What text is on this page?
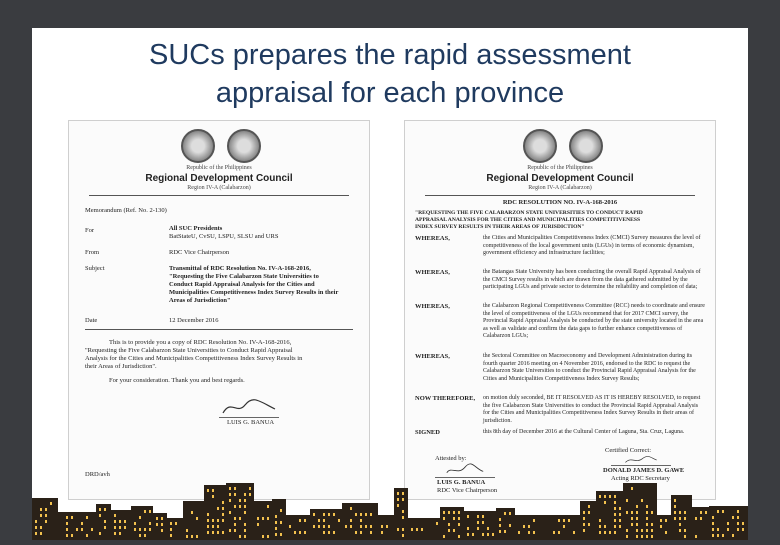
SUCs prepares the rapid assessment
appraisal for each province
Republic of the Philippines
Regional Development Council
Region IV-A (Calabarzon)
Memorandum (Ref. No. 2-130)
For	All SUC Presidents
BatStateU, CvSU, LSPU, SLSU and URS
From	RDC Vice Chairperson
Subject	Transmittal of RDC Resolution No. IV-A-168-2016,
"Requesting the Five Calabarzon State Universities to
Conduct Rapid Appraisal Analysis for the Cities and
Municipalities Competitiveness Index Survey Results in their
Areas of Jurisdiction"
Date	12 December 2016
This is to provide you a copy of RDC Resolution No. IV-A-168-2016,
"Requesting the Five Calabarzon State Universities to Conduct Rapid Appraisal
Analysis for the Cities and Municipalities Competitiveness Index Survey Results in
their Areas of Jurisdiction".
For your consideration. Thank you and best regards.
LUIS G. BANUA
DRD/avh
Republic of the Philippines
Regional Development Council
Region IV-A (Calabarzon)
RDC RESOLUTION NO. IV-A-168-2016
"REQUESTING THE FIVE CALABARZON STATE UNIVERSITIES TO CONDUCT RAPID
APPRAISAL ANALYSIS FOR THE CITIES AND MUNICIPALITIES COMPETITIVENESS
INDEX SURVEY RESULTS IN THEIR AREAS OF JURISDICTION"
WHEREAS,	the Cities and Municipalities Competitiveness Index (CMCI) Survey measures the level of competitiveness of the local government units (LGUs) in terms of economic dynamism, government efficiency and infrastructure facilities;
WHEREAS,	the Batangas State University has been conducting the overall Rapid Appraisal Analysis of the CMCI Survey results in which are drawn from the data gathered submitted by the participating LGUs and private sector to determine the reliability and completion of data;
WHEREAS,	the Calabarzon Regional Competitiveness Committee (RCC) needs to coordinate and ensure the level of competitiveness of the LGUs recommend that for 2017 CMCI survey, the Provincial Rapid Appraisal Analysis be conducted by the state university located in the area as well as validate and confirm the data gaps to further enhance competitiveness of Calabarzon LGUs;
WHEREAS,	the Sectoral Committee on Macroeconomy and Development Administration during its fourth quarter 2016 meeting on 4 November 2016, endorsed to the RDC to request the Calabarzon State Universities to conduct the Provincial Rapid Appraisal Analysis for the Cities and Municipalities Competitiveness Index Survey Results;
NOW THEREFORE, on motion duly seconded, BE IT RESOLVED AS IT IS HEREBY RESOLVED, to request the five Calabarzon State Universities to conduct the Provincial Rapid Appraisal Analysis for the Cities and Municipalities Competitiveness Index Survey Results in their areas of jurisdiction.
SIGNED	this 8th day of December 2016 at the Cultural Center of Laguna, Sta. Cruz, Laguna.
Certified Correct:
DONALD JAMES D. GAWE
Acting RDC Secretary
Attested by:
LUIS G. BANUA
RDC Vice Chairperson
